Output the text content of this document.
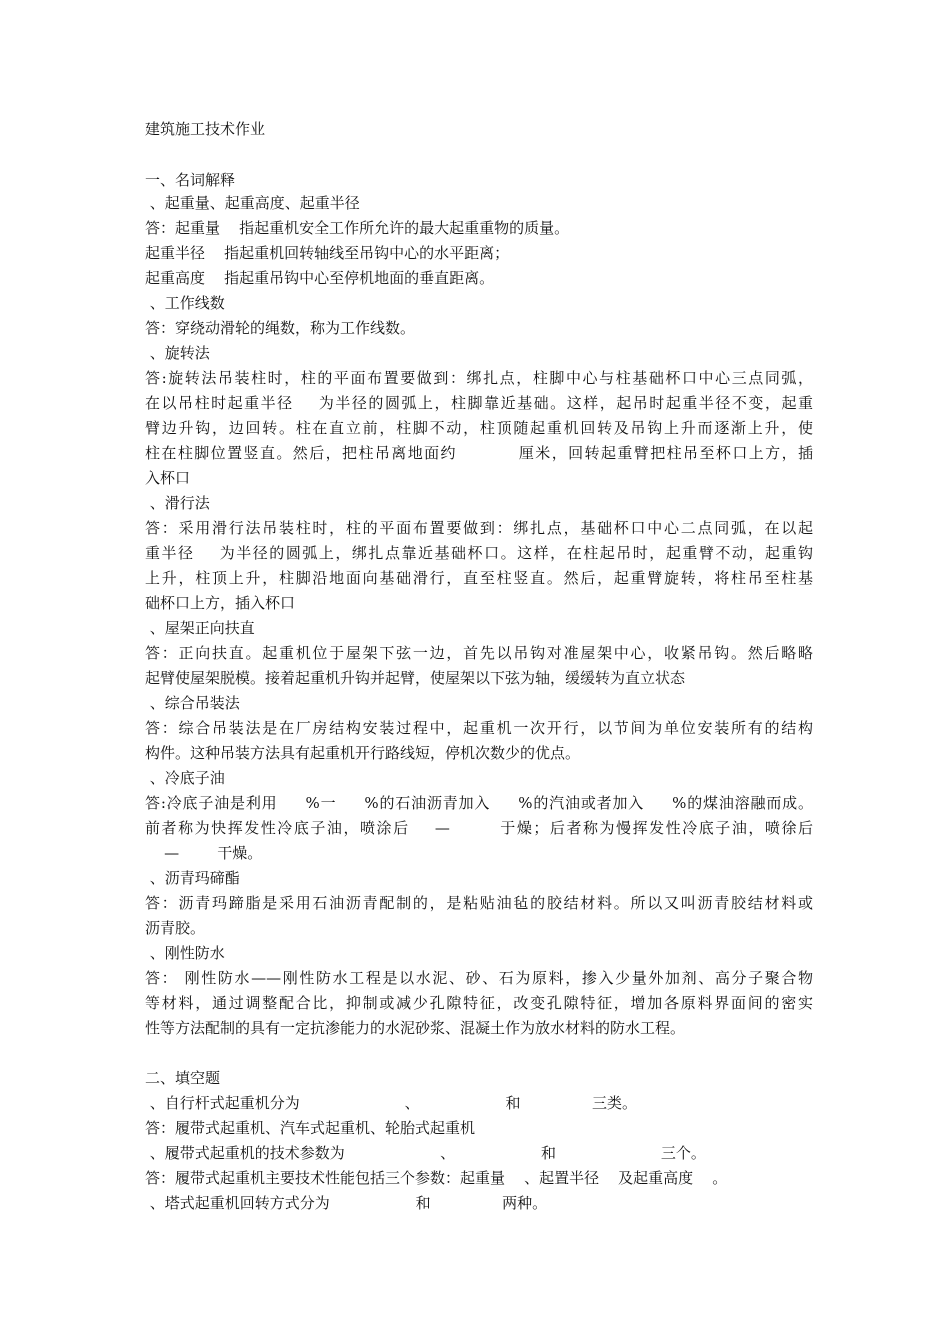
建筑施工技术作业
一、名词解释
、起重量、起重高度、起重半径
答：起重量    指起重机安全工作所允许的最大起重重物的质量。
起重半径    指起重机回转轴线至吊钩中心的水平距离；
起重高度    指起重吊钩中心至停机地面的垂直距离。
、工作线数
答：穿绕动滑轮的绳数，称为工作线数。
、旋转法
答:旋转法吊装柱时，柱的平面布置要做到：绑扎点，柱脚中心与柱基础杯口中心三点同弧，
在以吊柱时起重半径    为半径的圆弧上，柱脚靠近基础。这样，起吊时起重半径不变，起重
臂边升钩，边回转。柱在直立前，柱脚不动，柱顶随起重机回转及吊钩上升而逐渐上升，使
柱在柱脚位置竖直。然后，把柱吊离地面约          厘米，回转起重臂把柱吊至杯口上方，插
入杯口
、滑行法
答：采用滑行法吊装柱时，柱的平面布置要做到：绑扎点，基础杯口中心二点同弧，在以起
重半径    为半径的圆弧上，绑扎点靠近基础杯口。这样，在柱起吊时，起重臂不动，起重钩
上升，柱顶上升，柱脚沿地面向基础滑行，直至柱竖直。然后，起重臂旋转，将柱吊至柱基
础杯口上方，插入杯口
、屋架正向扶直
答：正向扶直。起重机位于屋架下弦一边，首先以吊钩对准屋架中心，收紧吊钩。然后略略
起臂使屋架脱模。接着起重机升钩并起臂，使屋架以下弦为轴，缓缓转为直立状态
、综合吊装法
答：综合吊装法是在厂房结构安装过程中，起重机一次开行，以节间为单位安装所有的结构
构件。这种吊装方法具有起重机开行路线短，停机次数少的优点。
、冷底子油
答:冷底子油是利用     %一     %的石油沥青加入     %的汽油或者加入     %的煤油溶融而成。
前者称为快挥发性冷底子油，喷涂后    —        于燥；后者称为慢挥发性冷底子油，喷徐后
—        干燥。
、沥青玛碲酯
答：沥青玛蹄脂是采用石油沥青配制的，是粘贴油毡的胶结材料。所以又叫沥青胶结材料或
沥青胶。
、刚性防水
答： 刚性防水——刚性防水工程是以水泥、砂、石为原料，掺入少量外加剂、高分子聚合物
等材料，通过调整配合比，抑制或减少孔隙特征，改变孔隙特征，增加各原料界面间的密实
性等方法配制的具有一定抗渗能力的水泥砂浆、混凝土作为放水材料的防水工程。
二、填空题
、自行杆式起重机分为                      、                  和               三类。
答：履带式起重机、汽车式起重机、轮胎式起重机
、履带式起重机的技术参数为                    、                  和                      三个。
答：履带式起重机主要技术性能包括三个参数：起重量    、起置半径    及起重高度    。
、塔式起重机回转方式分为                  和               两种。
